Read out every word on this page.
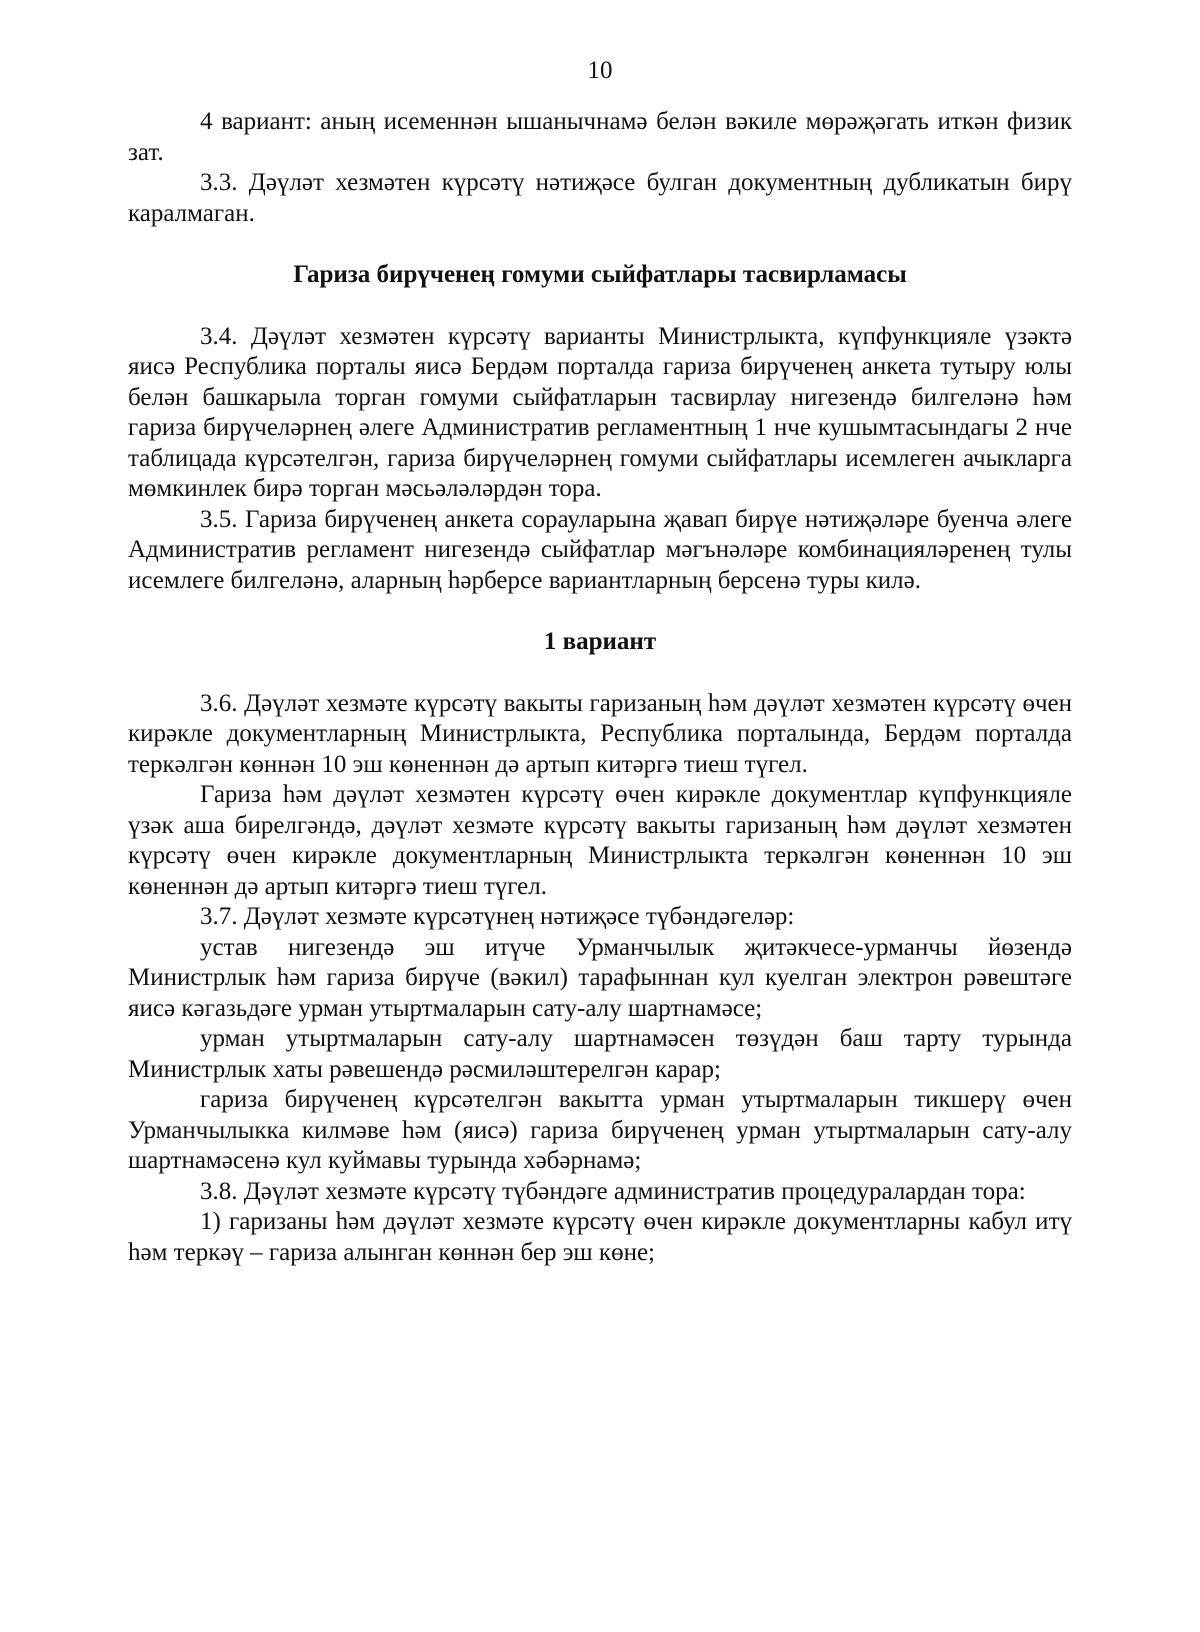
10

4 вариант: аның исеменнән ышанычнамә белән вәкиле мөрәҗәгать иткән физик зат.

3.3. Дәүләт хезмәтен күрсәтү нәтиҗәсе булган документның дубликатын бирү каралмаган.

Гариза бирүченең гомуми сыйфатлары тасвирламасы

3.4. Дәүләт хезмәтен күрсәтү варианты Министрлыкта, күпфункцияле үзәктә яисә Республика порталы яисә Бердәм порталда гариза бирүченең анкета тутыру юлы белән башкарыла торган гомуми сыйфатларын тасвирлау нигезендә билгеләнә һәм гариза бирүчеләрнең әлеге Административ регламентның 1 нче кушымтасындагы 2 нче таблицада күрсәтелгән, гариза бирүчеләрнең гомуми сыйфатлары исемлеген ачыкларга мөмкинлек бирә торган мәсьәләләрдән тора.

3.5. Гариза бирүченең анкета сорауларына җавап бирүе нәтиҗәләре буенча әлеге Административ регламент нигезендә сыйфатлар мәгънәләре комбинацияләренең тулы исемлеге билгеләнә, аларның һәрберсе вариантларның берсенә туры килә.

1 вариант

3.6. Дәүләт хезмәте күрсәтү вакыты гаризаның һәм дәүләт хезмәтен күрсәтү өчен кирәкле документларның Министрлыкта, Республика порталында, Бердәм порталда теркәлгән көннән 10 эш көненнән дә артып китәргә тиеш түгел.

Гариза һәм дәүләт хезмәтен күрсәтү өчен кирәкле документлар күпфункцияле үзәк аша бирелгәндә, дәүләт хезмәте күрсәтү вакыты гаризаның һәм дәүләт хезмәтен күрсәтү өчен кирәкле документларның Министрлыкта теркәлгән көненнән 10 эш көненнән дә артып китәргә тиеш түгел.

3.7. Дәүләт хезмәте күрсәтүнең нәтиҗәсе түбәндәгеләр:

устав нигезендә эш итүче Урманчылык җитәкчесе-урманчы йөзендә Министрлык һәм гариза бирүче (вәкил) тарафыннан кул куелган электрон рәвештәге яисә кәгазьдәге урман утыртмаларын сату-алу шартнамәсе;

урман утыртмаларын сату-алу шартнамәсен төзүдән баш тарту турында Министрлык хаты рәвешендә рәсмиләштерелгән карар;

гариза бирүченең күрсәтелгән вакытта урман утыртмаларын тикшерү өчен Урманчылыкка килмәве һәм (яисә) гариза бирүченең урман утыртмаларын сату-алу шартнамәсенә кул куймавы турында хәбәрнамә;

3.8. Дәүләт хезмәте күрсәтү түбәндәге административ процедуралардан тора:

1) гаризаны һәм дәүләт хезмәте күрсәтү өчен кирәкле документларны кабул итү һәм теркәү – гариза алынган көннән бер эш көне;
